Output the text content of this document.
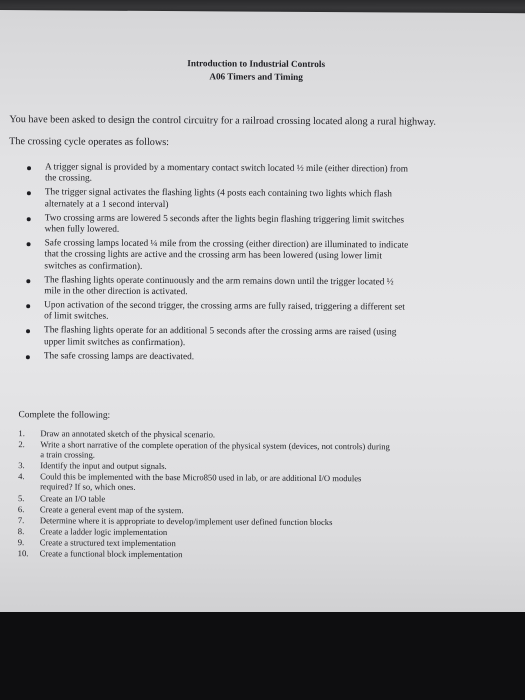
Introduction to Industrial Controls
A06 Timers and Timing
You have been asked to design the control circuitry for a railroad crossing located along a rural highway.
The crossing cycle operates as follows:
A trigger signal is provided by a momentary contact switch located ½ mile (either direction) from
the crossing.
The trigger signal activates the flashing lights (4 posts each containing two lights which flash
alternately at a 1 second interval)
Two crossing arms are lowered 5 seconds after the lights begin flashing triggering limit switches
when fully lowered.
Safe crossing lamps located ¼ mile from the crossing (either direction) are illuminated to indicate
that the crossing lights are active and the crossing arm has been lowered (using lower limit
switches as confirmation).
The flashing lights operate continuously and the arm remains down until the trigger located ½
mile in the other direction is activated.
Upon activation of the second trigger, the crossing arms are fully raised, triggering a different set
of limit switches.
The flashing lights operate for an additional 5 seconds after the crossing arms are raised (using
upper limit switches as confirmation).
The safe crossing lamps are deactivated.
Complete the following:
1. Draw an annotated sketch of the physical scenario.
2. Write a short narrative of the complete operation of the physical system (devices, not controls) during
a train crossing.
3. Identify the input and output signals.
4. Could this be implemented with the base Micro850 used in lab, or are additional I/O modules
required? If so, which ones.
5. Create an I/O table
6. Create a general event map of the system.
7. Determine where it is appropriate to develop/implement user defined function blocks
8. Create a ladder logic implementation
9. Create a structured text implementation
10. Create a functional block implementation
